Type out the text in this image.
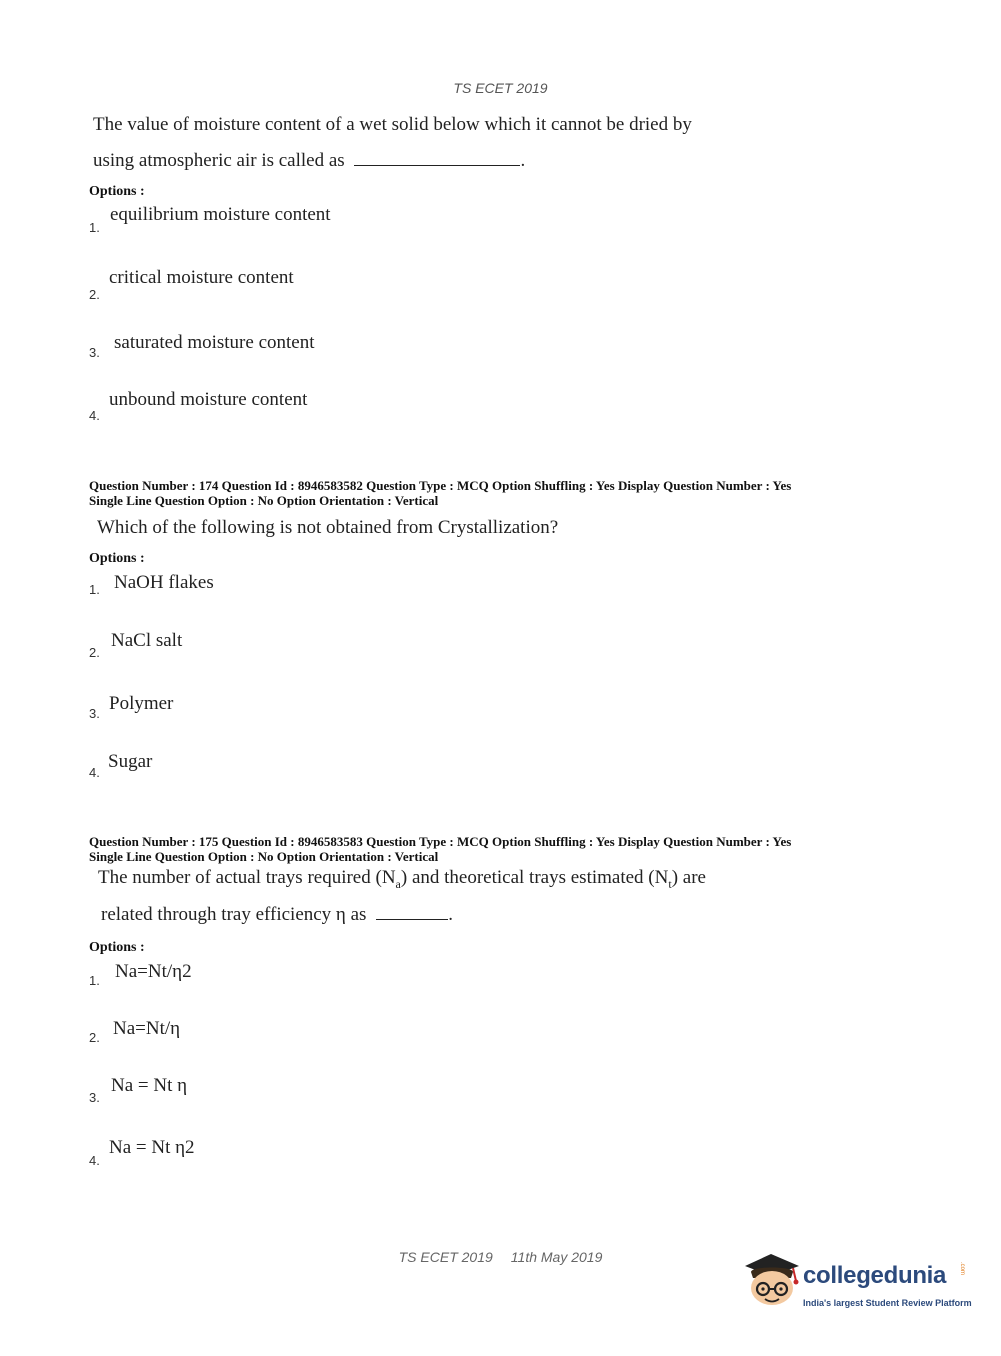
TS ECET 2019
The value of moisture content of a wet solid below which it cannot be dried by
using atmospheric air is called as	.
Options :
1.
equilibrium moisture content
2.
critical moisture content
3. saturated moisture content
4.
unbound moisture content
Question Number : 174 Question Id : 8946583582 Question Type : MCQ Option Shuffling : Yes Display Question Number : Yes
Single Line Question Option : No Option Orientation : Vertical
Which of the following is not obtained from Crystallization?
Options :
1. NaOH flakes
2.
NaCl salt
3. Polymer
4.
Sugar
Question Number : 175 Question Id : 8946583583 Question Type : MCQ Option Shuffling : Yes Display Question Number : Yes
Single Line Question Option : No Option Orientation : Vertical
The number of actual trays required $(N_a)$ and theoretical trays estimated $(N_t)$ are
related through tray efficiency η as	.
Options :
1. Na=Nt/η2
2. Na=Nt/η
3.
Na = Nt η
4.
Na = Nt η2
TS ECET 2019 11th May 2019
collegedunia .com
India's largest Student Review Platform
